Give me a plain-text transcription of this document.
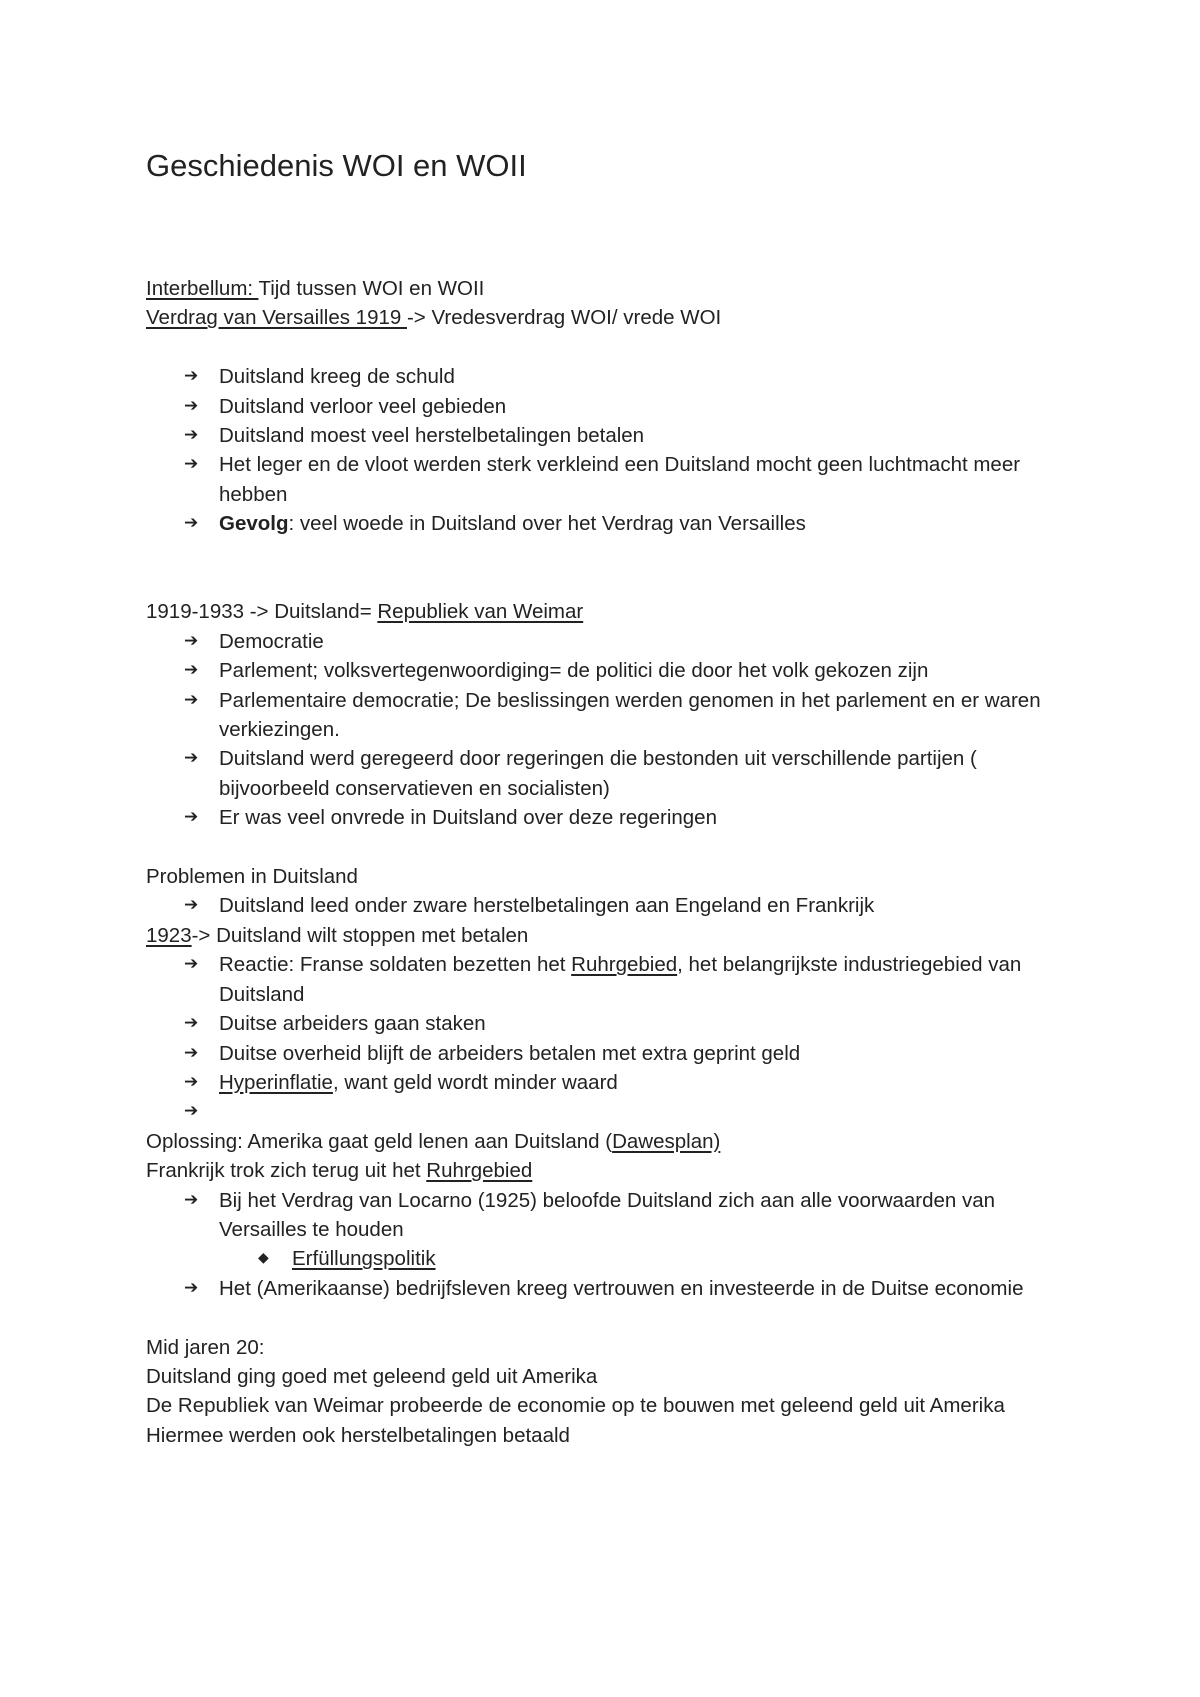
Geschiedenis WOI en WOII

Interbellum: Tijd tussen WOI en WOII

Verdrag van Versailles 1919 -> Vredesverdrag WOI/ vrede WOI

➔ Duitsland kreeg de schuld
➔ Duitsland verloor veel gebieden
➔ Duitsland moest veel herstelbetalingen betalen
➔ Het leger en de vloot werden sterk verkleind een Duitsland mocht geen luchtmacht meer hebben
➔ Gevolg: veel woede in Duitsland over het Verdrag van Versailles

1919-1933 -> Duitsland= Republiek van Weimar

➔ Democratie
➔ Parlement; volksvertegenwoordiging= de politici die door het volk gekozen zijn
➔ Parlementaire democratie; De beslissingen werden genomen in het parlement en er waren verkiezingen.
➔ Duitsland werd geregeerd door regeringen die bestonden uit verschillende partijen ( bijvoorbeeld conservatieven en socialisten)
➔ Er was veel onvrede in Duitsland over deze regeringen

Problemen in Duitsland

➔ Duitsland leed onder zware herstelbetalingen aan Engeland en Frankrijk

1923-> Duitsland wilt stoppen met betalen

➔ Reactie: Franse soldaten bezetten het Ruhrgebied, het belangrijkste industriegebied van Duitsland
➔ Duitse arbeiders gaan staken
➔ Duitse overheid blijft de arbeiders betalen met extra geprint geld
➔ Hyperinflatie, want geld wordt minder waard
➔

Oplossing: Amerika gaat geld lenen aan Duitsland (Dawesplan)

Frankrijk trok zich terug uit het Ruhrgebied

➔ Bij het Verdrag van Locarno (1925) beloofde Duitsland zich aan alle voorwaarden van Versailles te houden
◆ Erfüllungspolitik
➔ Het (Amerikaanse) bedrijfsleven kreeg vertrouwen en investeerde in de Duitse economie

Mid jaren 20:

Duitsland ging goed met geleend geld uit Amerika

De Republiek van Weimar probeerde de economie op te bouwen met geleend geld uit Amerika

Hiermee werden ook herstelbetalingen betaald
